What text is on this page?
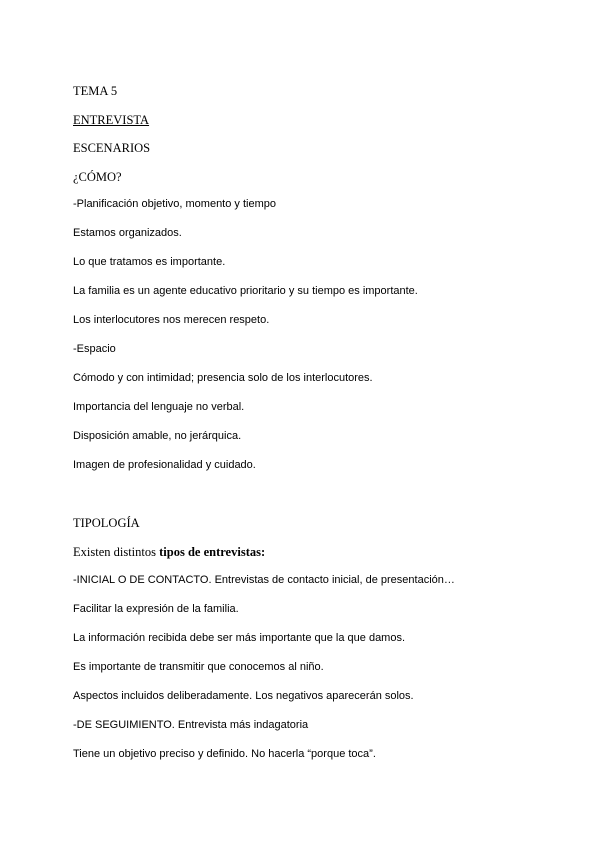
TEMA 5
ENTREVISTA
ESCENARIOS
¿CÓMO?
-Planificación objetivo, momento y tiempo
Estamos organizados.
Lo que tratamos es importante.
La familia es un agente educativo prioritario y su tiempo es importante.
Los interlocutores nos merecen respeto.
-Espacio
Cómodo y con intimidad; presencia solo de los interlocutores.
Importancia del lenguaje no verbal.
Disposición amable, no jerárquica.
Imagen de profesionalidad y cuidado.
TIPOLOGÍA
Existen distintos tipos de entrevistas:
-INICIAL O DE CONTACTO. Entrevistas de contacto inicial, de presentación…
Facilitar la expresión de la familia.
La información recibida debe ser más importante que la que damos.
Es importante de transmitir que conocemos al niño.
Aspectos incluidos deliberadamente. Los negativos aparecerán solos.
-DE SEGUIMIENTO. Entrevista más indagatoria
Tiene un objetivo preciso y definido. No hacerla “porque toca”.
